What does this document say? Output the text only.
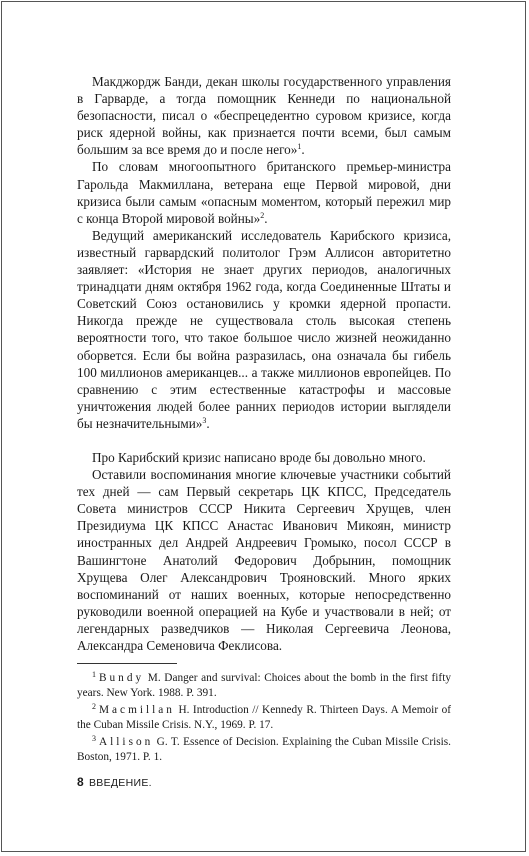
Макджордж Банди, декан школы государственного управления в Гарварде, а тогда помощник Кеннеди по национальной безопасности, писал о «беспрецедентно суровом кризисе, когда риск ядерной войны, как признается почти всеми, был самым большим за все время до и после него»$^1$.

По словам многоопытного британского премьер-министра Гарольда Макмиллана, ветерана еще Первой мировой, дни кризиса были самым «опасным моментом, который пережил мир с конца Второй мировой войны»$^2$.

Ведущий американский исследователь Карибского кризиса, известный гарвардский политолог Грэм Аллисон авторитетно заявляет: «История не знает других периодов, аналогичных тринадцати дням октября 1962 года, когда Соединенные Штаты и Советский Союз остановились у кромки ядерной пропасти. Никогда прежде не существовала столь высокая степень вероятности того, что такое большое число жизней неожиданно оборвется. Если бы война разразилась, она означала бы гибель 100 миллионов американцев... а также миллионов европейцев. По сравнению с этим естественные катастрофы и массовые уничтожения людей более ранних периодов истории выглядели бы незначительными»$^3$.

Про Карибский кризис написано вроде бы довольно много.

Оставили воспоминания многие ключевые участники событий тех дней — сам Первый секретарь ЦК КПСС, Председатель Совета министров СССР Никита Сергеевич Хрущев, член Президиума ЦК КПСС Анастас Иванович Микоян, министр иностранных дел Андрей Андреевич Громыко, посол СССР в Вашингтоне Анатолий Федорович Добрынин, помощник Хрущева Олег Александрович Трояновский. Много ярких воспоминаний от наших военных, которые непосредственно руководили военной операцией на Кубе и участвовали в ней; от легендарных разведчиков — Николая Сергеевича Леонова, Александра Семеновича Феклисова.

$^1$ Bundy M. Danger and survival: Choices about the bomb in the first fifty years. New York. 1988. P. 391.

$^2$ Macmillan H. Introduction // Kennedy R. Thirteen Days. A Memoir of the Cuban Missile Crisis. N.Y., 1969. P. 17.

$^3$ Allison G. T. Essence of Decision. Explaining the Cuban Missile Crisis. Boston, 1971. P. 1.

8 ВВЕДЕНИЕ.
